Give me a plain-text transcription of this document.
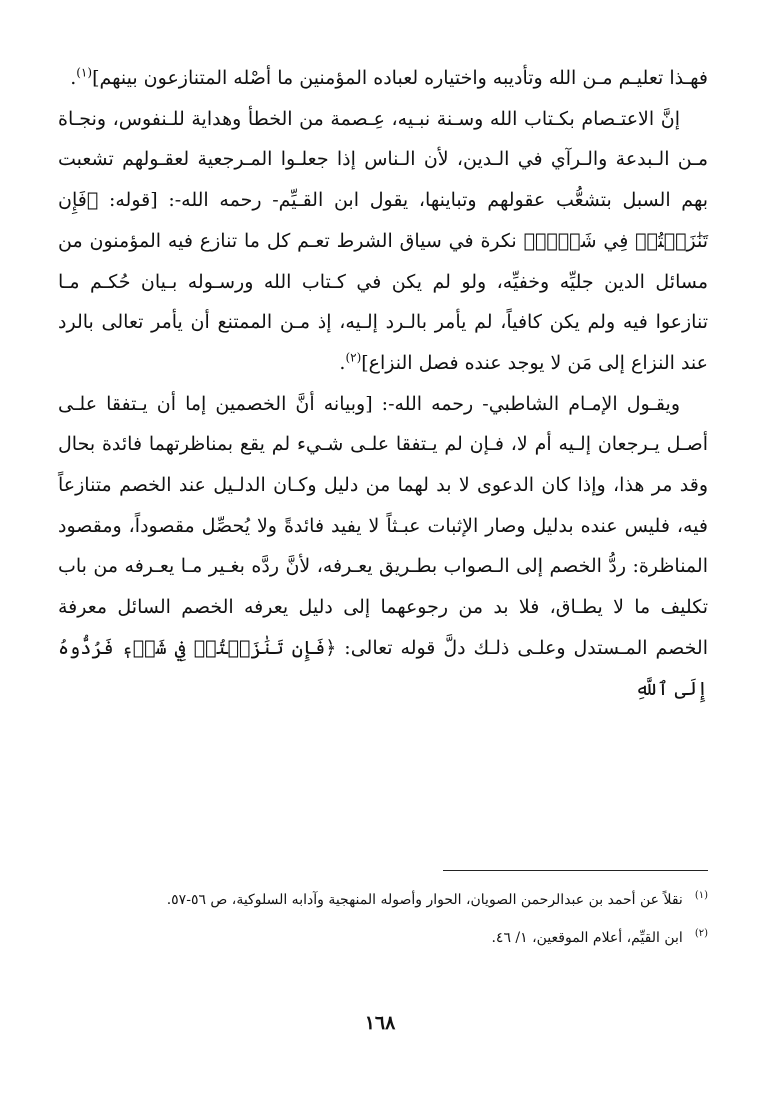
فهـذا تعليـم مـن الله وتأديبه واختياره لعباده المؤمنين ما أصْله المتنازعون بينهم]$^{(١)}$.

إنَّ الاعتـصام بكـتاب الله وسـنة نبـيه، عِـصمة من الخطأ وهداية للـنفوس، ونجـاة مـن الـبدعة والـرآي في الـدين، لأن الـناس إذا جعلـوا المـرجعية لعقـولهم تشعبت بهم السبل بتشعُّب عقولهم وتباينها، يقول ابن القـيِّم- رحمه الله-: [قوله: ﴿فَإِن تَنَٰزَعۡتُمۡ فِي شَيۡءٖ﴾ نكرة في سياق الشرط تعـم كل ما تنازع فيه المؤمنون من مسائل الدين جليِّه وخفيِّه، ولو لم يكن في كـتاب الله ورسـوله بـيان حُكـم مـا تنازعوا فيه ولم يكن كافياً، لم يأمر بالـرد إلـيه، إذ مـن الممتنع أن يأمر تعالى بالرد عند النزاع إلى مَن لا يوجد عنده فصل النزاع]$^{(٢)}$.

ويقـول الإمـام الشاطبي- رحمه الله-: [وبيانه أنَّ الخصمين إما أن يـتفقا علـى أصـل يـرجعان إلـيه أم لا، فـإن لم يـتفقا علـى شـيء لم يقع بمناظرتهما فائدة بحال وقد مر هذا، وإذا كان الدعوى لا بد لهما من دليل وكـان الدلـيل عند الخصم متنازعاً فيه، فليس عنده بدليل وصار الإثبات عبـثاً لا يفيد فائدةً ولا يُحصِّل مقصوداً، ومقصود المناظرة: ردُّ الخصم إلى الـصواب بطـريق يعـرفه، لأنَّ ردَّه بغـير مـا يعـرفه من باب تكليف ما لا يطـاق، فلا بد من رجوعهما إلى دليل يعرفه الخصم السائل معرفة الخصم المـستدل وعلـى ذلـك دلَّ قوله تعالى: ﴿فَإِن تَنَٰزَعۡتُمۡ فِي شَيۡءٖ فَرُدُّوهُ إِلَى ٱللَّهِ

$^{(١)}$نقلاً عن أحمد بن عبدالرحمن الصويان، الحوار وأصوله المنهجية وآدابه السلوكية، ص ٥٦-٥٧.

$^{(٢)}$ابن القيِّم، أعلام الموقعين، ١/ ٤٦.

١٦٨
